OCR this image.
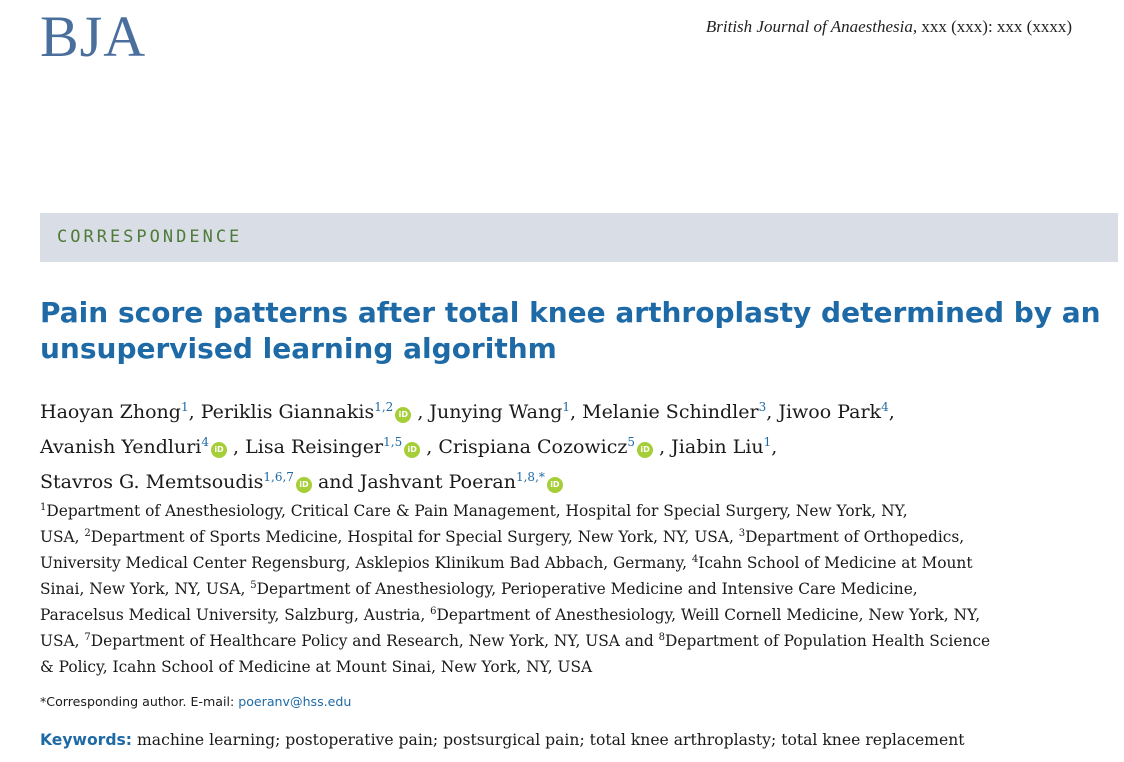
BJA	British Journal of Anaesthesia, xxx (xxx): xxx (xxxx)
CORRESPONDENCE
Pain score patterns after total knee arthroplasty determined by an unsupervised learning algorithm
Haoyan Zhong$^1$, Periklis Giannakis$^{1,2}$iD , Junying Wang$^1$, Melanie Schindler$^3$, Jiwoo Park$^4$,
Avanish Yendluri$^4$iD , Lisa Reisinger$^{1,5}$iD , Crispiana Cozowicz$^5$iD , Jiabin Liu$^1$,
Stavros G. Memtsoudis$^{1,6,7}$iD and Jashvant Poeran$^{1,8,*}$iD
$^1$Department of Anesthesiology, Critical Care & Pain Management, Hospital for Special Surgery, New York, NY,
USA, $^2$Department of Sports Medicine, Hospital for Special Surgery, New York, NY, USA, $^3$Department of Orthopedics,
University Medical Center Regensburg, Asklepios Klinikum Bad Abbach, Germany, $^4$Icahn School of Medicine at Mount
Sinai, New York, NY, USA, $^5$Department of Anesthesiology, Perioperative Medicine and Intensive Care Medicine,
Paracelsus Medical University, Salzburg, Austria, $^6$Department of Anesthesiology, Weill Cornell Medicine, New York, NY,
USA, $^7$Department of Healthcare Policy and Research, New York, NY, USA and $^8$Department of Population Health Science
& Policy, Icahn School of Medicine at Mount Sinai, New York, NY, USA
*Corresponding author. E-mail: poeranv@hss.edu
Keywords: machine learning; postoperative pain; postsurgical pain; total knee arthroplasty; total knee replacement
